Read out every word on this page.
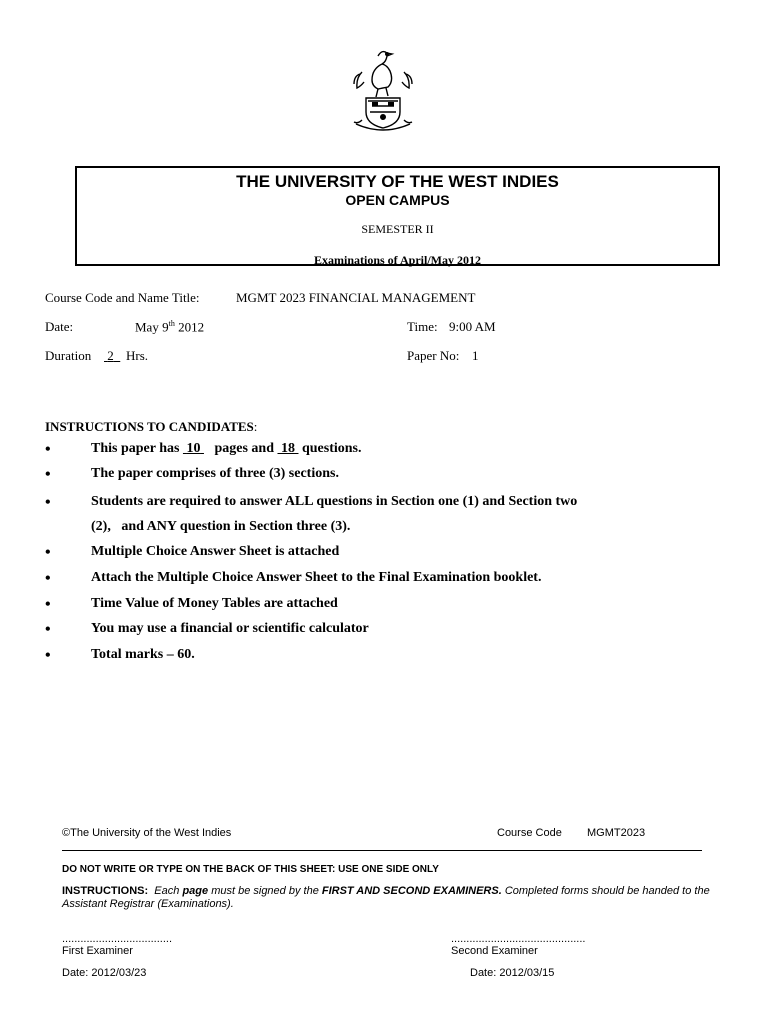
THE UNIVERSITY OF THE WEST INDIES
OPEN CAMPUS
SEMESTER II
Examinations of April/May 2012
Course Code and Name Title:	MGMT 2023 FINANCIAL MANAGEMENT
Date:	May 9th 2012	Time: 9:00 AM
Duration 2 Hrs.	Paper No: 1
INSTRUCTIONS TO CANDIDATES:
•	This paper has 10 pages and 18 questions.
•	The paper comprises of three (3) sections.
•	Students are required to answer ALL questions in Section one (1) and Section two
(2),   and ANY question in Section three (3).
•	Multiple Choice Answer Sheet is attached
•	Attach the Multiple Choice Answer Sheet to the Final Examination booklet.
•	Time Value of Money Tables are attached
•	You may use a financial or scientific calculator
•	Total marks – 60.
©The University of the West Indies	Course Code MGMT2023
DO NOT WRITE OR TYPE ON THE BACK OF THIS SHEET: USE ONE SIDE ONLY
INSTRUCTIONS: Each page must be signed by the FIRST AND SECOND EXAMINERS. Completed forms should be handed to the Assistant Registrar (Examinations).
....................................
First Examiner
Date: 2012/03/23
............................................
Second Examiner
Date: 2012/03/15
